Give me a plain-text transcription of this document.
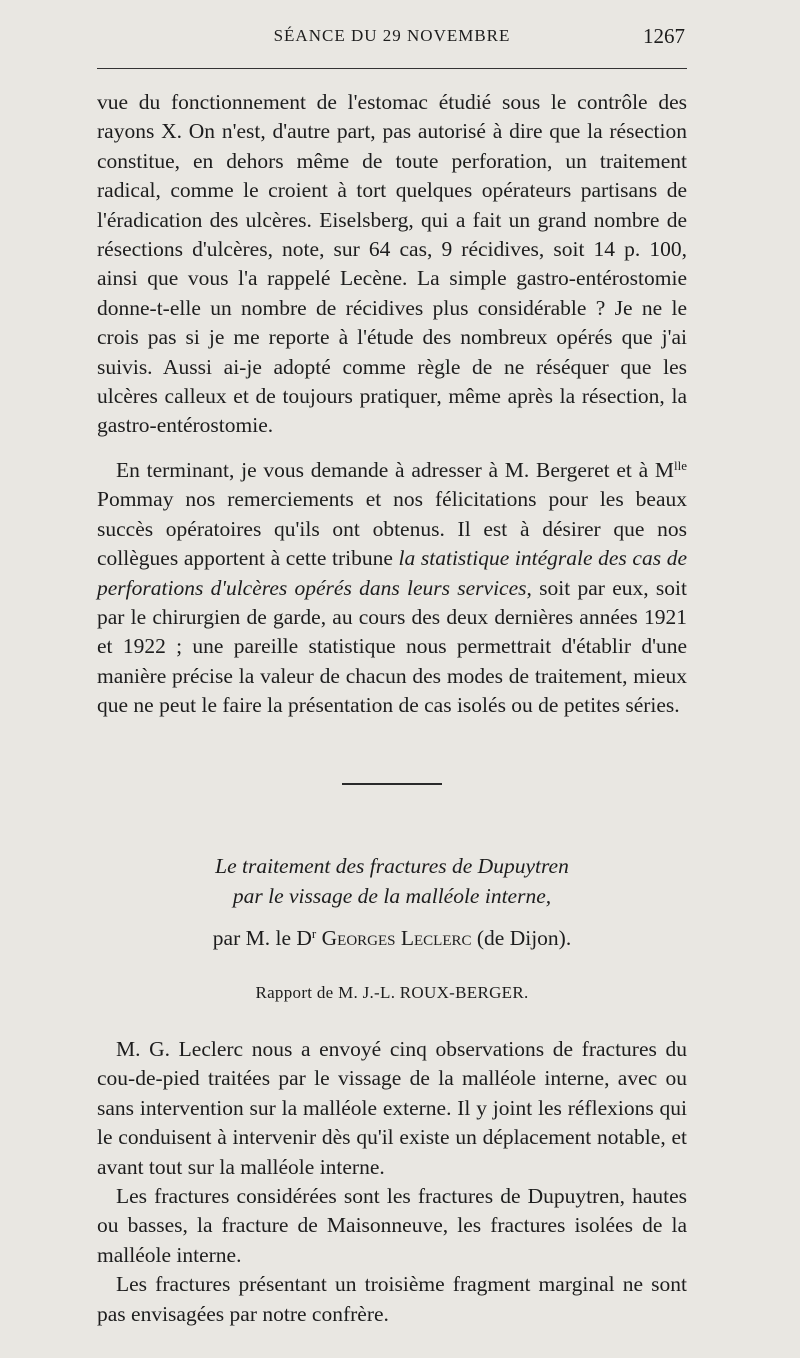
SÉANCE DU 29 NOVEMBRE	1267

vue du fonctionnement de l'estomac étudié sous le contrôle des rayons X. On n'est, d'autre part, pas autorisé à dire que la résection constitue, en dehors même de toute perforation, un traitement radical, comme le croient à tort quelques opérateurs partisans de l'éradication des ulcères. Eiselsberg, qui a fait un grand nombre de résections d'ulcères, note, sur 64 cas, 9 récidives, soit 14 p. 100, ainsi que vous l'a rappelé Lecène. La simple gastro-entérostomie donne-t-elle un nombre de récidives plus considérable ? Je ne le crois pas si je me reporte à l'étude des nombreux opérés que j'ai suivis. Aussi ai-je adopté comme règle de ne réséquer que les ulcères calleux et de toujours pratiquer, même après la résection, la gastro-entérostomie.

En terminant, je vous demande à adresser à M. Bergeret et à $M^{lle}$ Pommay nos remerciements et nos félicitations pour les beaux succès opératoires qu'ils ont obtenus. Il est à désirer que nos collègues apportent à cette tribune la statistique intégrale des cas de perforations d'ulcères opérés dans leurs services, soit par eux, soit par le chirurgien de garde, au cours des deux dernières années 1921 et 1922 ; une pareille statistique nous permettrait d'établir d'une manière précise la valeur de chacun des modes de traitement, mieux que ne peut le faire la présentation de cas isolés ou de petites séries.

Le traitement des fractures de Dupuytren
par le vissage de la malléole interne,
par M. le $D^r$ Georges Leclerc (de Dijon).
Rapport de M. J.-L. ROUX-BERGER.

M. G. Leclerc nous a envoyé cinq observations de fractures du cou-de-pied traitées par le vissage de la malléole interne, avec ou sans intervention sur la malléole externe. Il y joint les réflexions qui le conduisent à intervenir dès qu'il existe un déplacement notable, et avant tout sur la malléole interne.

Les fractures considérées sont les fractures de Dupuytren, hautes ou basses, la fracture de Maisonneuve, les fractures isolées de la malléole interne.

Les fractures présentant un troisième fragment marginal ne sont pas envisagées par notre confrère.
